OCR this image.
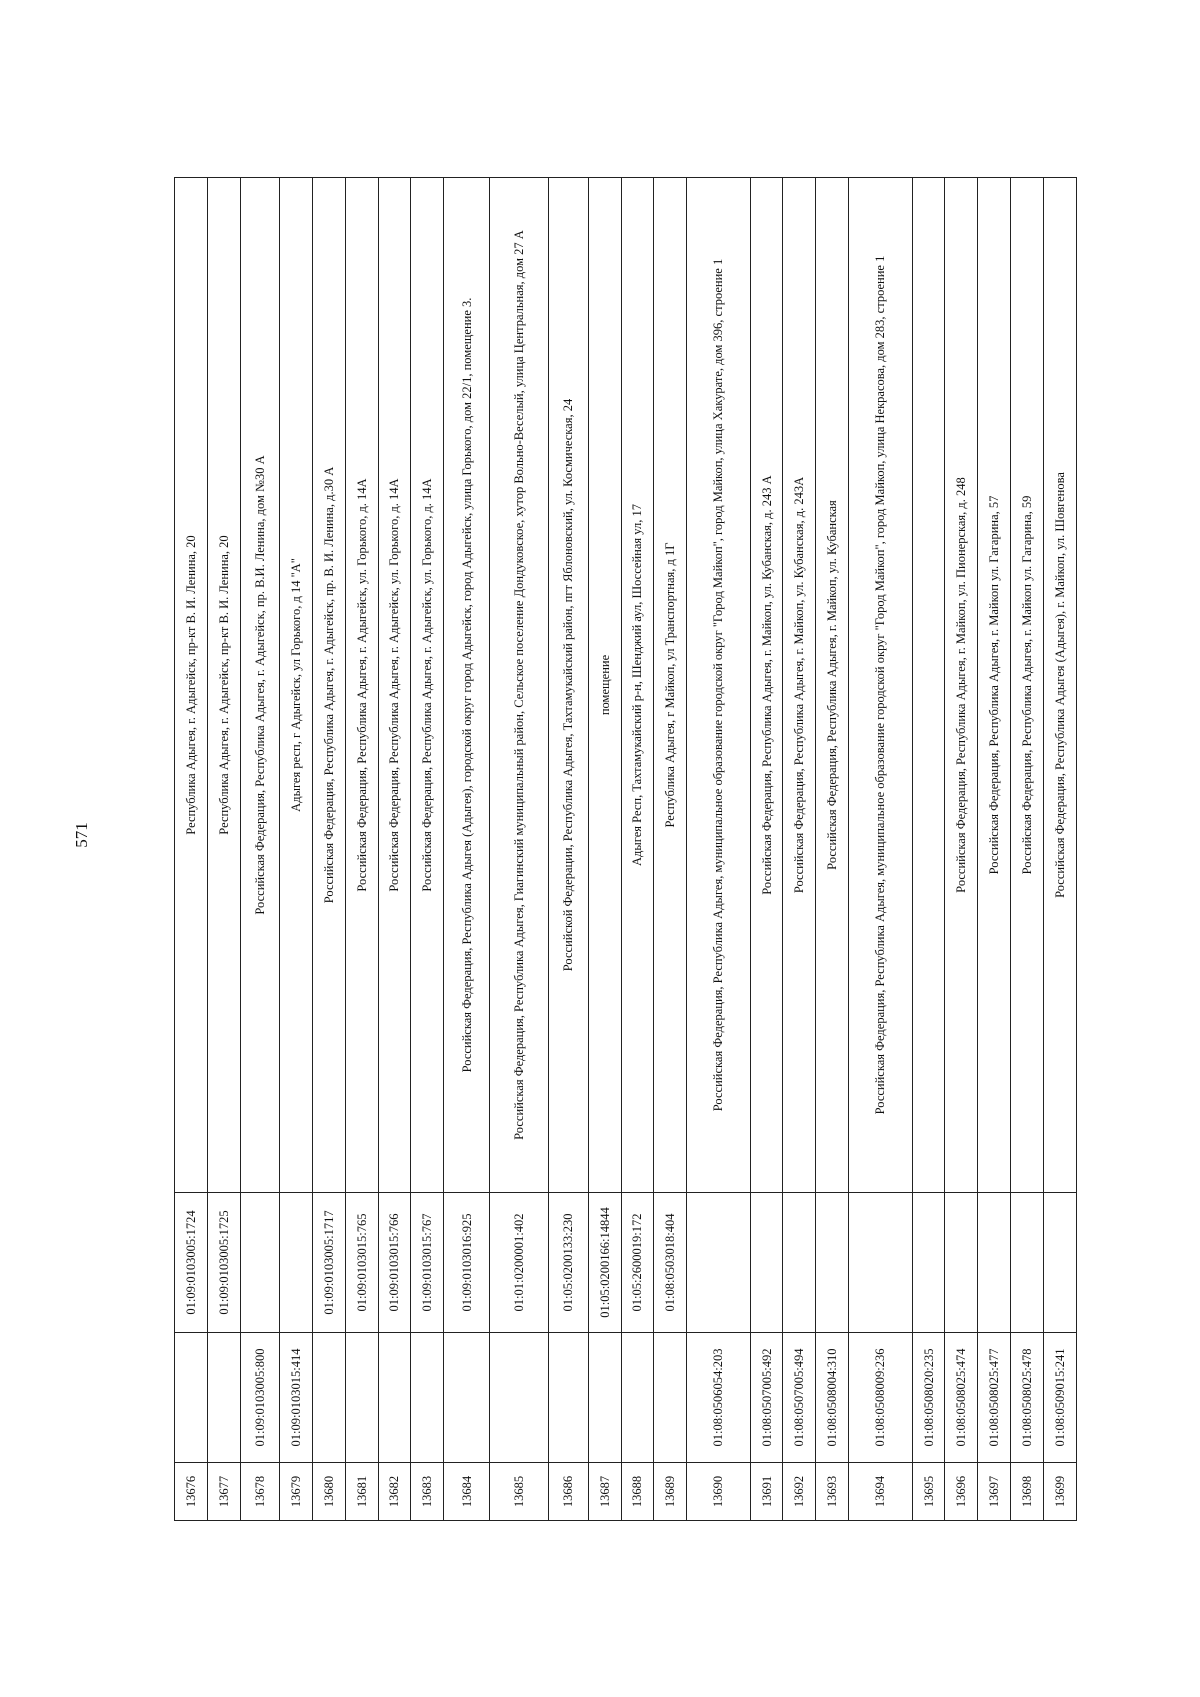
571
13676		01:09:0103005:1724	Республика Адыгея, г. Адыгейск, пр-кт В. И. Ленина, 20
13677		01:09:0103005:1725	Республика Адыгея, г. Адыгейск, пр-кт В. И. Ленина, 20
13678	01:09:0103005:800		Российская Федерация, Республика Адыгея, г. Адыгейск, пр. В.И. Ленина, дом №30 А
13679	01:09:0103015:414		Адыгея респ, г Адыгейск, ул Горького, д 14 "А"
13680		01:09:0103005:1717	Российская Федерация, Республика Адыгея, г. Адыгейск, пр. В. И. Ленина, д.30 А
13681		01:09:0103015:765	Российская Федерация, Республика Адыгея, г. Адыгейск, ул. Горького, д. 14А
13682		01:09:0103015:766	Российская Федерация, Республика Адыгея, г. Адыгейск, ул. Горького, д. 14А
13683		01:09:0103015:767	Российская Федерация, Республика Адыгея, г. Адыгейск, ул. Горького, д. 14А
13684		01:09:0103016:925	Российская Федерация, Республика Адыгея (Адыгея), городской округ город Адыгейск, город Адыгейск, улица Горького, дом 22/1, помещение 3.
13685		01:01:0200001:402	Российская Федерация, Республика Адыгея, Гиагинский муниципальный район, Сельское поселение Дондуковское, хутор Вольно-Веселый, улица Центральная, дом 27 А
13686		01:05:0200133:230	Российской Федерации, Республика Адыгея, Тахтамукайский район, пгт Яблоновский, ул. Космическая, 24
13687		01:05:0200166:14844	помещение
13688		01:05:2600019:172	Адыгея Респ, Тахтамукайский р-н, Шенджий аул, Шоссейная ул, 17
13689		01:08:0503018:404	Республика Адыгея, г Майкоп, ул Транспортная, д 1Г
13690	01:08:0506054:203		Российская Федерация, Республика Адыгея, муниципальное образование городской округ "Город Майкоп", город Майкоп, улица Хакурате, дом 396, строение 1
13691	01:08:0507005:492		Российская Федерация, Республика Адыгея, г. Майкоп, ул. Кубанская, д. 243 А
13692	01:08:0507005:494		Российская Федерация, Республика Адыгея, г. Майкоп, ул. Кубанская, д. 243А
13693	01:08:0508004:310		Российская Федерация, Республика Адыгея, г. Майкоп, ул. Кубанская
13694	01:08:0508009:236		Российская Федерация, Республика Адыгея, муниципальное образование городской округ "Город Майкоп", город Майкоп, улица Некрасова, дом 283, строение 1
13695	01:08:0508020:235		
13696	01:08:0508025:474		Российская Федерация, Республика Адыгея, г. Майкоп, ул. Пионерская, д. 248
13697	01:08:0508025:477		Российская Федерация, Республика Адыгея, г. Майкоп ул. Гагарина, 57
13698	01:08:0508025:478		Российская Федерация, Республика Адыгея, г. Майкоп ул. Гагарина, 59
13699	01:08:0509015:241		Российская Федерация, Республика Адыгея (Адыгея), г. Майкоп, ул. Шовгенова
